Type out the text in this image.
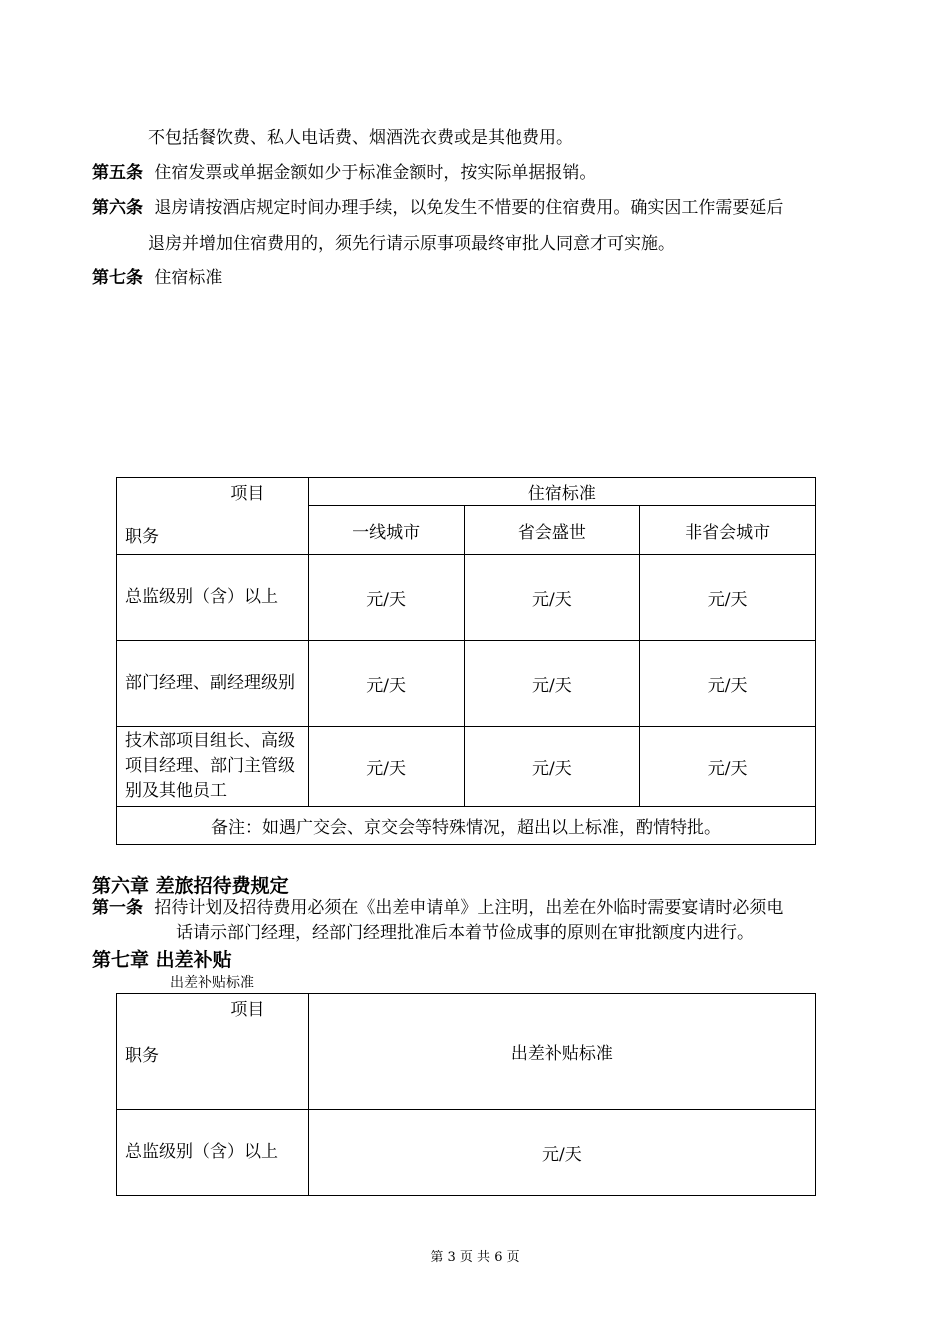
不包括餐饮费、私人电话费、烟酒洗衣费或是其他费用。
第五条 住宿发票或单据金额如少于标准金额时，按实际单据报销。
第六条 退房请按酒店规定时间办理手续，以免发生不惜要的住宿费用。确实因工作需要延后
退房并增加住宿费用的，须先行请示原事项最终审批人同意才可实施。
第七条 住宿标准
项目
职务	住宿标准		
	一线城市	省会盛世	非省会城市
总监级别（含）以上	元/天	元/天	元/天
部门经理、副经理级别	元/天	元/天	元/天
技术部项目组长、高级项目经理、部门主管级别及其他员工	元/天	元/天	元/天
备注：如遇广交会、京交会等特殊情况，超出以上标准，酌情特批。			
第六章 差旅招待费规定
第一条 招待计划及招待费用必须在《出差申请单》上注明，出差在外临时需要宴请时必须电
话请示部门经理，经部门经理批准后本着节俭成事的原则在审批额度内进行。
第七章 出差补贴
出差补贴标准
项目
职务	出差补贴标准
总监级别（含）以上	元/天
第 3 页 共 6 页
